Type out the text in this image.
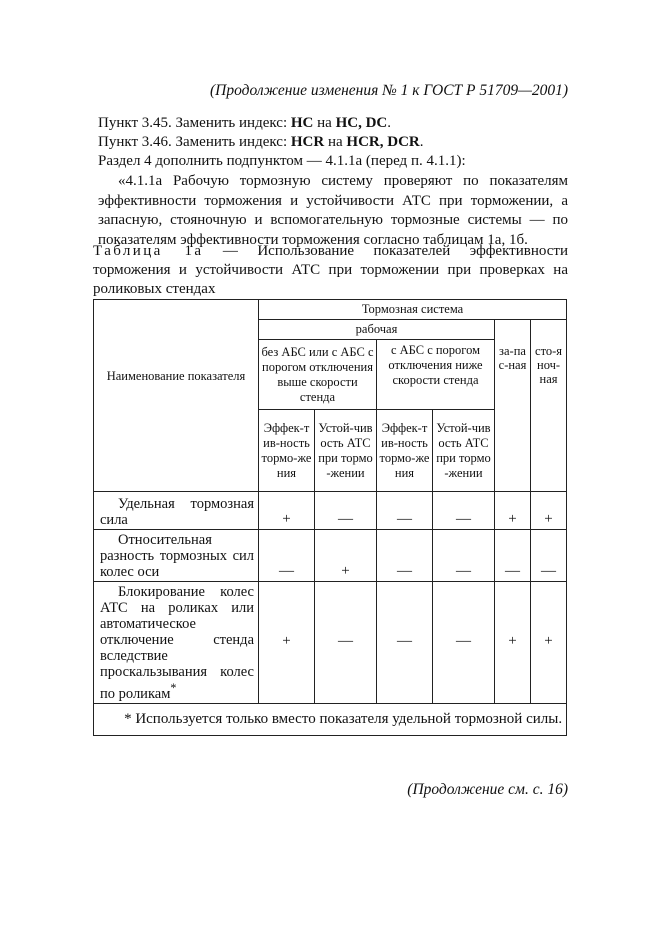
(Продолжение изменения № 1 к ГОСТ Р 51709—2001)
Пункт 3.45. Заменить индекс: НС на НС, DC.
Пункт 3.46. Заменить индекс: HCR на HCR, DCR.
Раздел 4 дополнить подпунктом — 4.1.1а (перед п. 4.1.1):
«4.1.1а Рабочую тормозную систему проверяют по показателям эффективности торможения и устойчивости АТС при торможении, а запасную, стояночную и вспомогательную тормозные системы — по показателям эффективности торможения согласно таблицам 1а, 1б.
Таблица 1а — Использование показателей эффективности торможения и устойчивости АТС при торможении при проверках на роликовых стендах
Наименование показателя	Тормозная система					
	рабочая				за-пас-ная	сто-яноч-ная
	без АБС или с АБС с порогом отключения выше скорости стенда		с АБС с порогом отключения ниже скорости стенда			
	Эффек-тив-ность тормо-жения	Устой-чивость АТС при тормо-жении	Эффек-тив-ность тормо-жения	Устой-чивость АТС при тормо-жении		
Удельная тормозная сила	+	—	—	—	+	+
Относительная разность тормозных сил колес оси	—	+	—	—	—	—
Блокирование колес АТС на роликах или автоматическое отключение стенда вследствие проскальзывания колес по роликам*	+	—	—	—	+	+
* Используется только вместо показателя удельной тормозной силы.						
(Продолжение см. с. 16)
